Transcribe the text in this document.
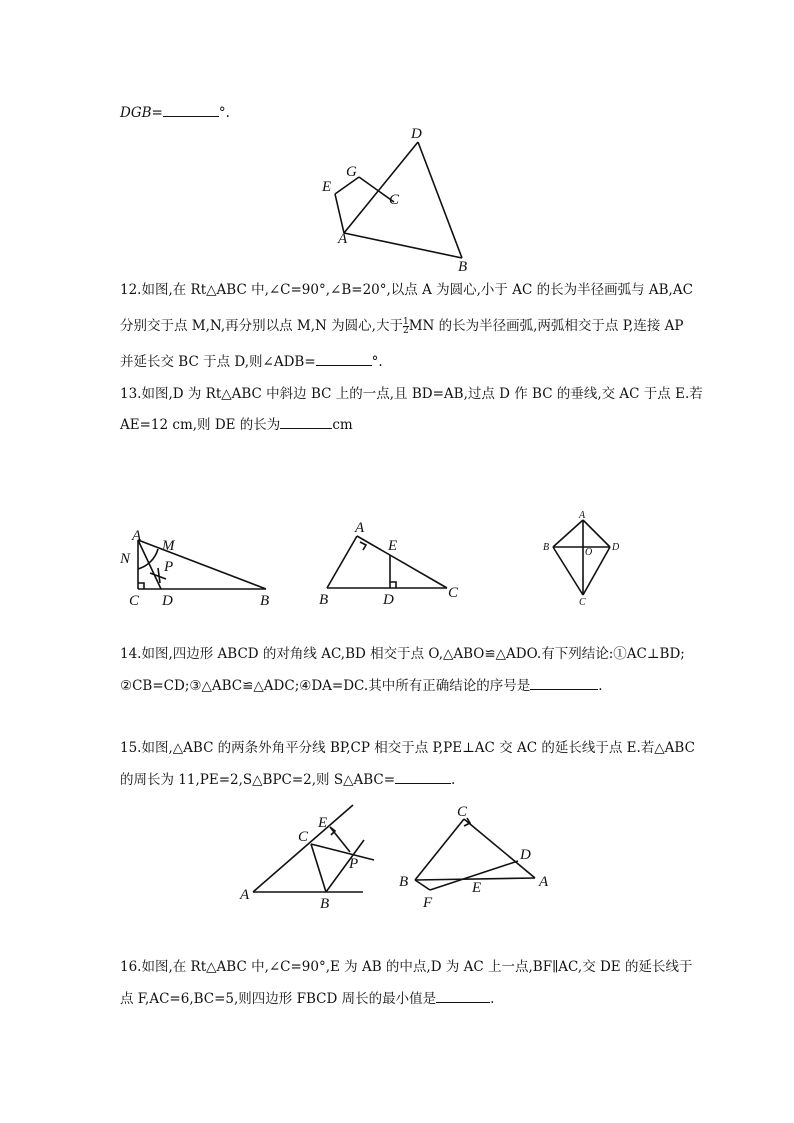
DGB=	°.
D
G
E
C
A
B
12.如图,在 Rt△ABC 中,∠C=90°,∠B=20°,以点 A 为圆心,小于 AC 的长为半径画弧与 AB,AC
分别交于点 M,N,再分别以点 M,N 为圆心,大于 $\frac{1}{2}$ MN 的长为半径画弧,两弧相交于点 P,连接 AP
并延长交 BC 于点 D,则∠ADB=	°.
13.如图,D 为 Rt△ABC 中斜边 BC 上的一点,且 BD=AB,过点 D 作 BC 的垂线,交 AC 于点 E.若
AE=12 cm,则 DE 的长为	cm
A
M
N P
C D	B
A
E
B	D	C
A
B	O D
C
14.如图,四边形 ABCD 的对角线 AC,BD 相交于点 O,△ABO≌△ADO.有下列结论:①AC⊥BD;
②CB=CD;③△ABC≌△ADC;④DA=DC.其中所有正确结论的序号是	.
15.如图,△ABC 的两条外角平分线 BP,CP 相交于点 P,PE⊥AC 交 AC 的延长线于点 E.若△ABC
的周长为 11,PE=2,S△BPC=2,则 S△ABC=	.
C
E
P
A
B
C
D
B	E	A
F
16.如图,在 Rt△ABC 中,∠C=90°,E 为 AB 的中点,D 为 AC 上一点,BF∥AC,交 DE 的延长线于
点 F,AC=6,BC=5,则四边形 FBCD 周长的最小值是	.
